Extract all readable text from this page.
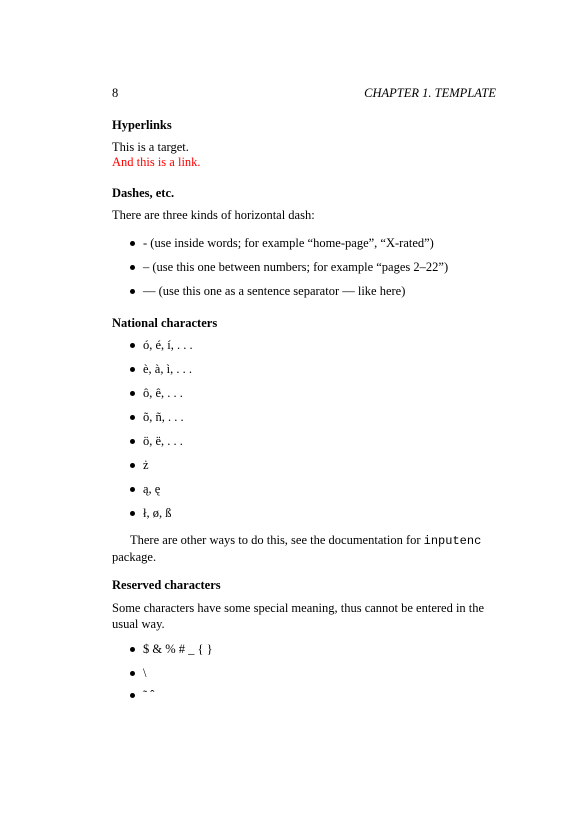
8	CHAPTER 1. TEMPLATE
Hyperlinks
This is a target.
And this is a link.
Dashes, etc.
There are three kinds of horizontal dash:
- (use inside words; for example “home-page”, “X-rated”)
– (use this one between numbers; for example “pages 2–22”)
— (use this one as a sentence separator — like here)
National characters
ó, é, í, . . .
è, à, ì, . . .
ô, ê, . . .
õ, ñ, . . .
ö, ë, . . .
ż
ą, ę
ł, ø, ß
There are other ways to do this, see the documentation for inputenc package.
Reserved characters
Some characters have some special meaning, thus cannot be entered in the usual way.
$ & % # _ { }
\
˜ ˆ
